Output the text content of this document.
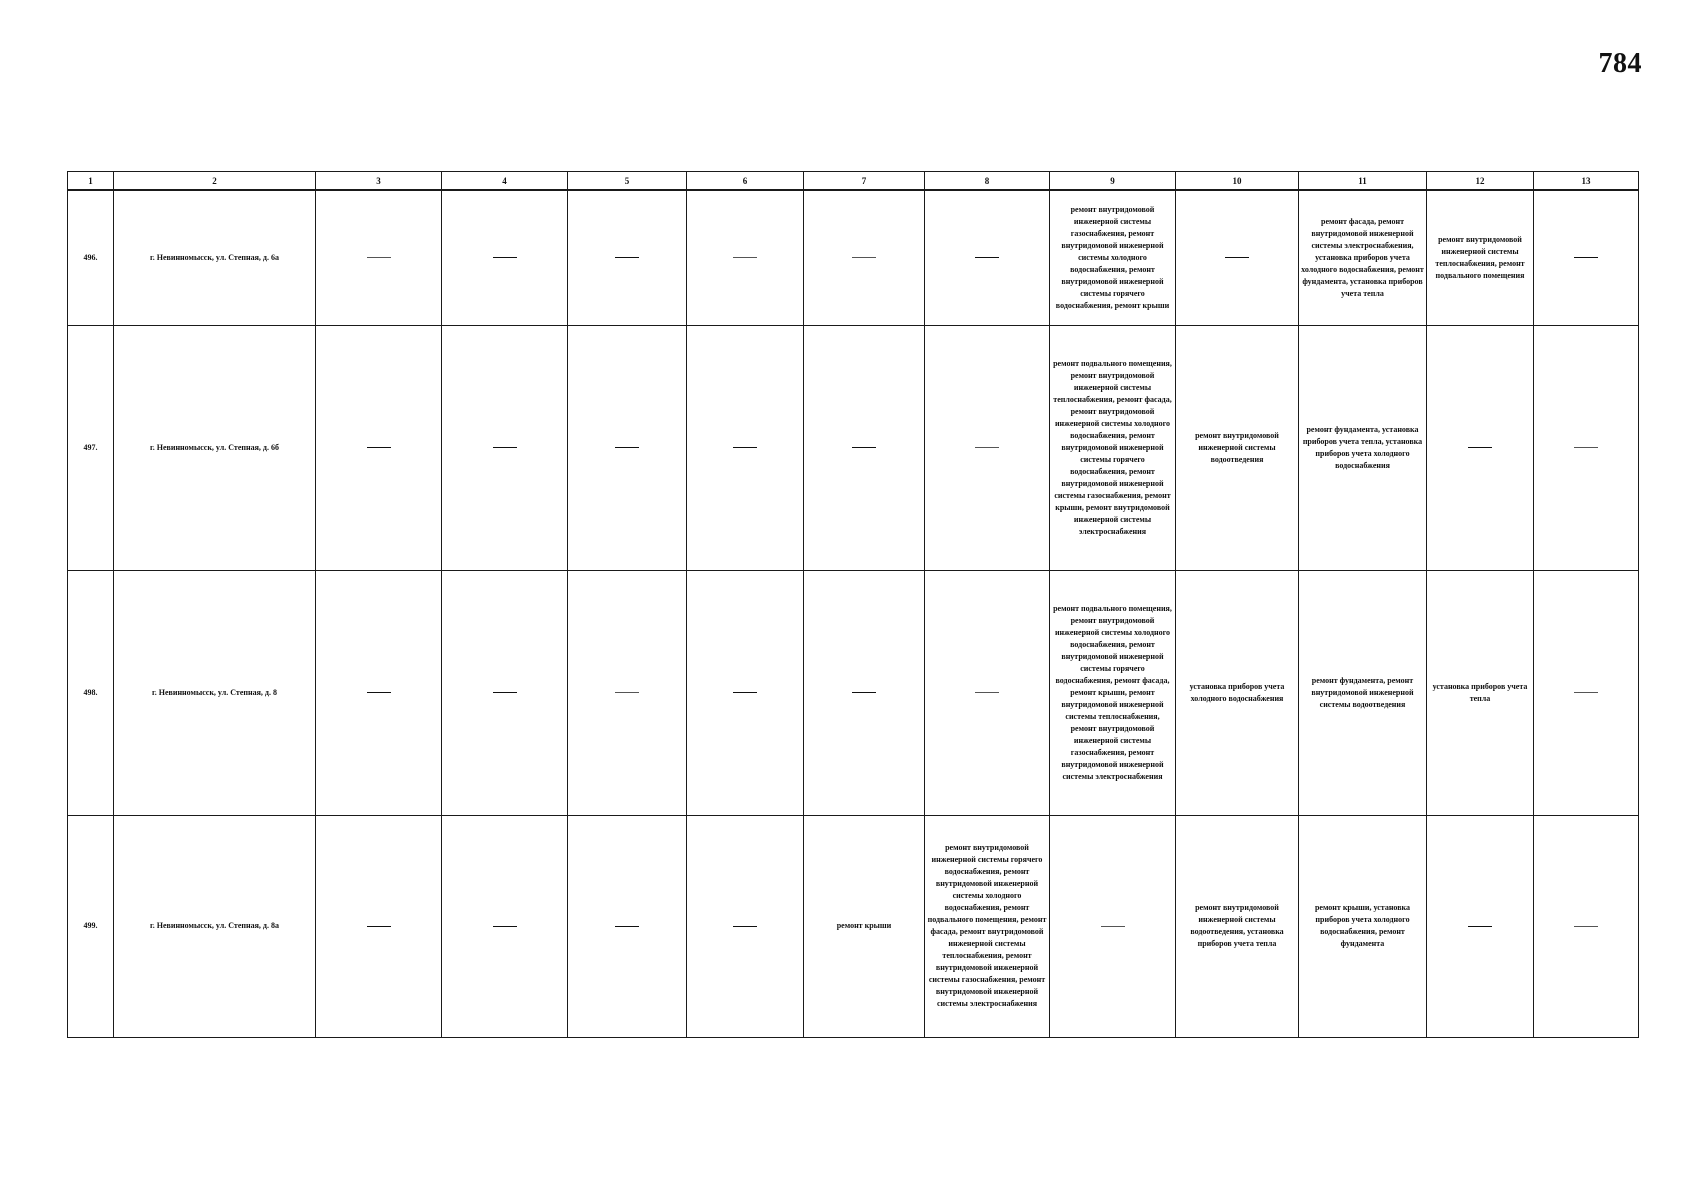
784
1	2	3	4	5	6	7	8	9	10	11	12	13
496.	г. Невинномысск, ул. Степная, д. 6а							ремонт внутридомовой инженерной системы газоснабжения, ремонт внутридомовой инженерной системы холодного водоснабжения, ремонт внутридомовой инженерной системы горячего водоснабжения, ремонт крыши		ремонт фасада, ремонт внутридомовой инженерной системы электроснабжения, установка приборов учета холодного водоснабжения, ремонт фундамента, установка приборов учета тепла	ремонт внутридомовой инженерной системы теплоснабжения, ремонт подвального помещения	
497.	г. Невинномысск, ул. Степная, д. 6б							ремонт подвального помещения, ремонт внутридомовой инженерной системы теплоснабжения, ремонт фасада, ремонт внутридомовой инженерной системы холодного водоснабжения, ремонт внутридомовой инженерной системы горячего водоснабжения, ремонт внутридомовой инженерной системы газоснабжения, ремонт крыши, ремонт внутридомовой инженерной системы электроснабжения	ремонт внутридомовой инженерной системы водоотведения	ремонт фундамента, установка приборов учета тепла, установка приборов учета холодного водоснабжения		
498.	г. Невинномысск, ул. Степная, д. 8							ремонт подвального помещения, ремонт внутридомовой инженерной системы холодного водоснабжения, ремонт внутридомовой инженерной системы горячего водоснабжения, ремонт фасада, ремонт крыши, ремонт внутридомовой инженерной системы теплоснабжения, ремонт внутридомовой инженерной системы газоснабжения, ремонт внутридомовой инженерной системы электроснабжения	установка приборов учета холодного водоснабжения	ремонт фундамента, ремонт внутридомовой инженерной системы водоотведения	установка приборов учета тепла	
499.	г. Невинномысск, ул. Степная, д. 8а					ремонт крыши	ремонт внутридомовой инженерной системы горячего водоснабжения, ремонт внутридомовой инженерной системы холодного водоснабжения, ремонт подвального помещения, ремонт фасада, ремонт внутридомовой инженерной системы теплоснабжения, ремонт внутридомовой инженерной системы газоснабжения, ремонт внутридомовой инженерной системы электроснабжения		ремонт внутридомовой инженерной системы водоотведения, установка приборов учета тепла	ремонт крыши, установка приборов учета холодного водоснабжения, ремонт фундамента		
